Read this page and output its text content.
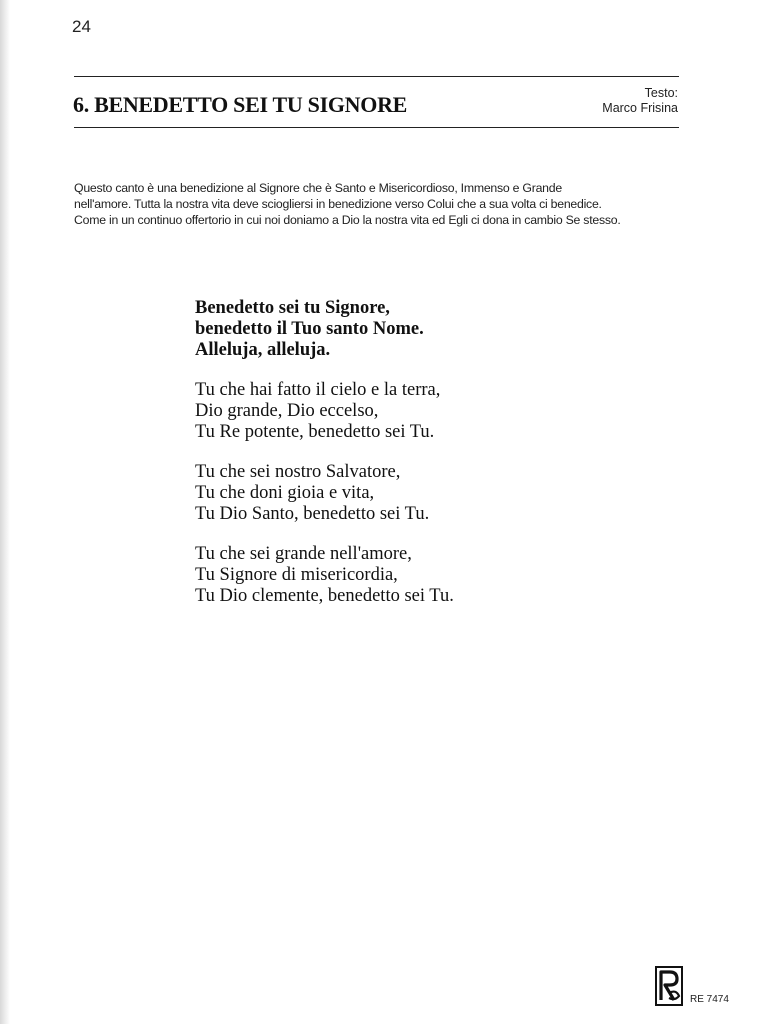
24
6. BENEDETTO SEI TU SIGNORE	Testo:
Marco Frisina
Questo canto è una benedizione al Signore che è Santo e Misericordioso, Immenso e Grande
nell'amore. Tutta la nostra vita deve sciogliersi in benedizione verso Colui che a sua volta ci benedice.
Come in un continuo offertorio in cui noi doniamo a Dio la nostra vita ed Egli ci dona in cambio Se stesso.
Benedetto sei tu Signore,
benedetto il Tuo santo Nome.
Alleluja, alleluja.
Tu che hai fatto il cielo e la terra,
Dio grande, Dio eccelso,
Tu Re potente, benedetto sei Tu.
Tu che sei nostro Salvatore,
Tu che doni gioia e vita,
Tu Dio Santo, benedetto sei Tu.
Tu che sei grande nell'amore,
Tu Signore di misericordia,
Tu Dio clemente, benedetto sei Tu.
RE 7474
